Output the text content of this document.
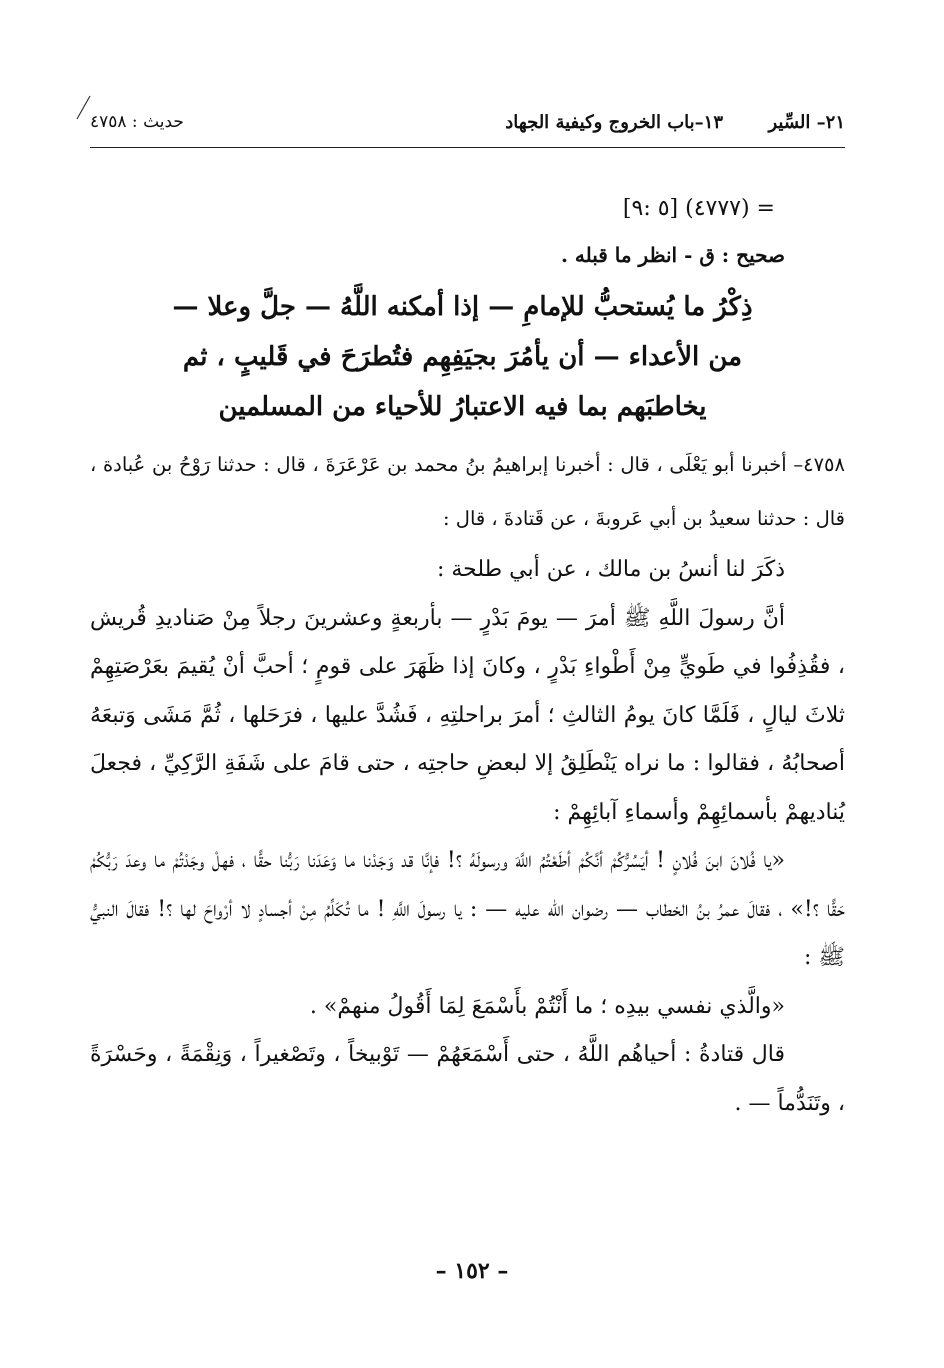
٢١– السِّير
١٣–باب الخروج وكيفية الجهاد
حديث : ٤٧٥٨

= (٤٧٧٧) [٥ :٩]

صحيح : ق - انظر ما قبله .

ذِكْرُ ما يُستحبُّ للإمامِ — إذا أمكنه اللَّهُ — جلَّ وعلا —
من الأعداء — أن يأمُرَ بجيَفِهِم فتُطرَحَ في قَليبٍ ، ثم
يخاطبَهم بما فيه الاعتبارُ للأحياء من المسلمين

٤٧٥٨– أخبرنا أبو يَعْلَى ، قال : أخبرنا إبراهيمُ بنُ محمد بن عَرْعَرَةَ ، قال : حدثنا رَوْحُ بن عُبادة ، قال : حدثنا سعيدُ بن أبي عَروبةَ ، عن قَتادةَ ، قال :

ذكَرَ لنا أنسُ بن مالك ، عن أبي طلحة :

أنَّ رسولَ اللَّهِ ﷺ أمرَ — يومَ بَدْرٍ — بأربعةٍ وعشرينَ رجلاً مِنْ صَناديدِ قُريش ، فقُذِفُوا في طَويٍّ مِنْ أَطْواءِ بَدْرٍ ، وكانَ إذا ظَهَرَ على قومٍ ؛ أحبَّ أنْ يُقيمَ بعَرْصَتِهِمْ ثلاثَ ليالٍ ، فَلَمَّا كانَ يومُ الثالثِ ؛ أمرَ براحلتِهِ ، فَشُدَّ عليها ، فرَحَلها ، ثُمَّ مَشَى وَتبعَهُ أصحابُهُ ، فقالوا : ما نراه يَنْطَلِقُ إلا لبعضِ حاجتِه ، حتى قامَ على شَفَةِ الرَّكِيِّ ، فجعلَ يُناديهمْ بأسمائِهِمْ وأسماءِ آبائِهِمْ :

«يا فُلانَ ابنَ فُلانٍ ! أيَسُرُّكُمْ أنَّكُمْ أطَعْتُمُ اللَّهَ ورسولَهُ ؟! فإنَّا قد وَجَدْنا ما وَعَدَنا رَبُّنا حقًّا ، فهلْ وجَدْتُمْ ما وعدَ رَبُّكُمْ حَقًّا ؟!» ، فقالَ عمرُ بنُ الخطاب — رضوان اللّه عليه — : يا رسولَ اللَّهِ ! ما تُكَلِّمُ مِنْ أجسادٍ لا أرْواحَ لها ؟! فقالَ النبيُّ ﷺ :

«والَّذي نفسي بيدِه ؛ ما أَنْتُمْ بأَسْمَعَ لِمَا أَقُولُ منهمْ» .

قال قتادةُ : أحياهُم اللَّهُ ، حتى أَسْمَعَهُمْ — تَوْبيخاً ، وتَصْغيراً ، وَنِقْمَةً ، وحَسْرَةً ، وتَنَدُّماً — .

– ١٥٢ –
